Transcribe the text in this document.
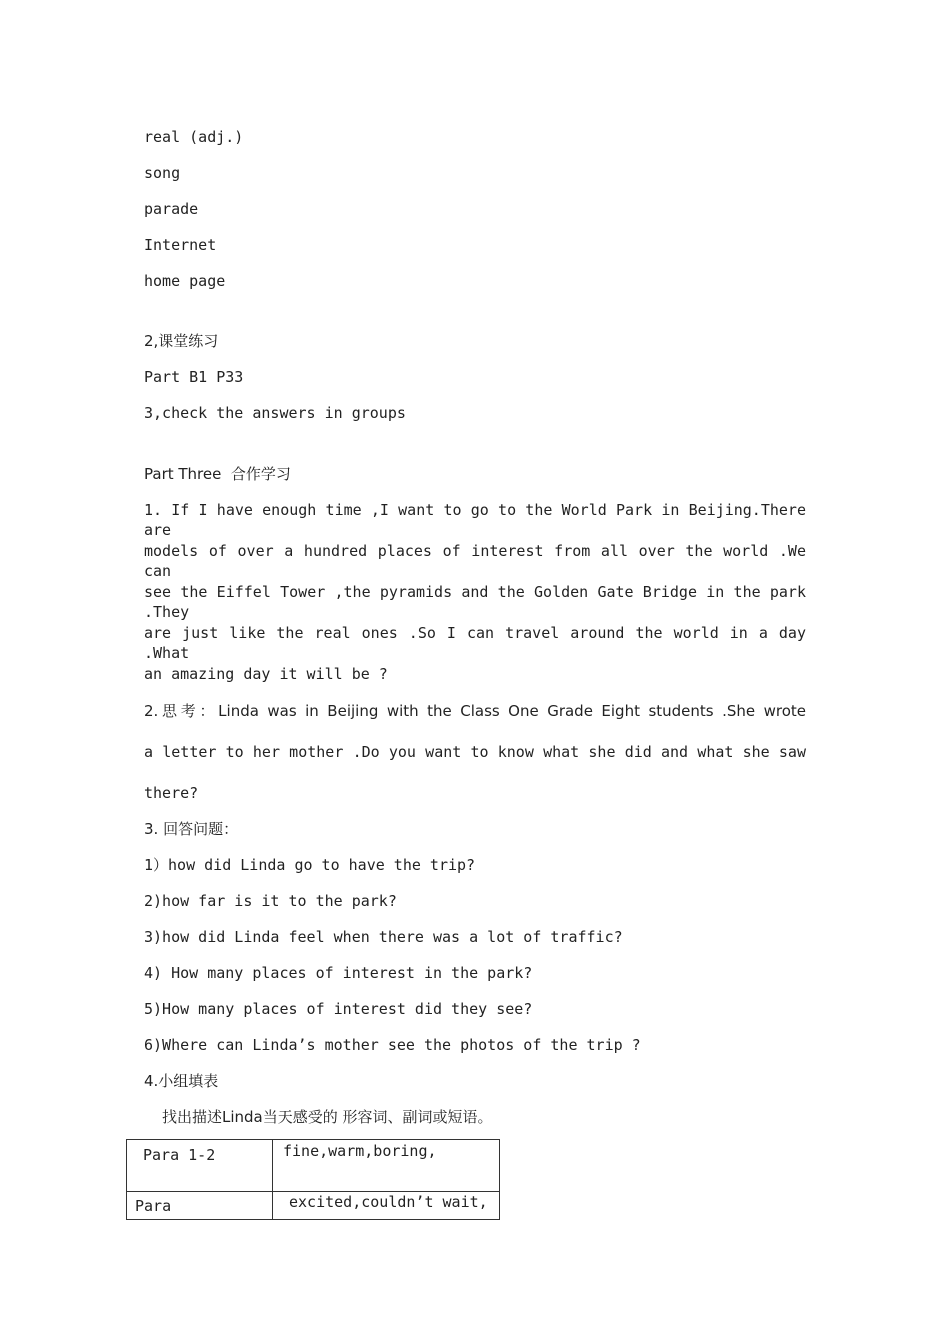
real (adj.)
song
parade
Internet
home page
2,课堂练习
Part B1 P33
3,check the answers in groups
Part Three  合作学习
1. If I have enough time ,I want to go to the World Park in Beijing.There are
models of over a hundred places of interest from all over the world .We can
see the Eiffel Tower ,the pyramids and the Golden Gate Bridge in the park .They
are just like the real ones .So I can travel around the world in a day .What
an amazing day it will be ?
2.思考：Linda was in Beijing with the Class One Grade Eight students .She wrote
a letter to her mother .Do you want to know what she did and what she saw
there?
3. 回答问题：
1）how did Linda go to have the trip?
2)how far is it to the park?
3)how did Linda feel when there was a lot of traffic?
4) How many places of interest in the park?
5)How many places of interest did they see?
6)Where can Linda’s mother see the photos of the trip ?
4.小组填表
找出描述Linda当天感受的 形容词、副词或短语。
Para 1-2	fine,warm,boring,

Para	excited,couldn’t wait,
